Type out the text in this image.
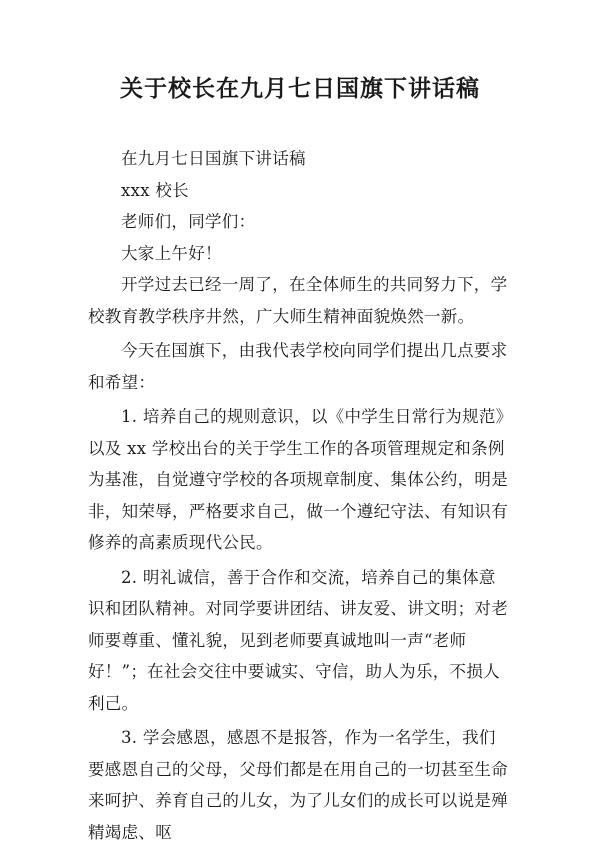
关于校长在九月七日国旗下讲话稿

在九月七日国旗下讲话稿

xxx 校长

老师们，同学们：

大家上午好！

开学过去已经一周了，在全体师生的共同努力下，学校教育教学秩序井然，广大师生精神面貌焕然一新。

今天在国旗下，由我代表学校向同学们提出几点要求和希望：

1. 培养自己的规则意识，以《中学生日常行为规范》以及 xx 学校出台的关于学生工作的各项管理规定和条例为基准，自觉遵守学校的各项规章制度、集体公约，明是非，知荣辱，严格要求自己，做一个遵纪守法、有知识有修养的高素质现代公民。

2. 明礼诚信，善于合作和交流，培养自己的集体意识和团队精神。对同学要讲团结、讲友爱、讲文明；对老师要尊重、懂礼貌，见到老师要真诚地叫一声“老师好！”；在社会交往中要诚实、守信，助人为乐，不损人利己。

3. 学会感恩，感恩不是报答，作为一名学生，我们要感恩自己的父母，父母们都是在用自己的一切甚至生命来呵护、养育自己的儿女，为了儿女们的成长可以说是殚精竭虑、呕
